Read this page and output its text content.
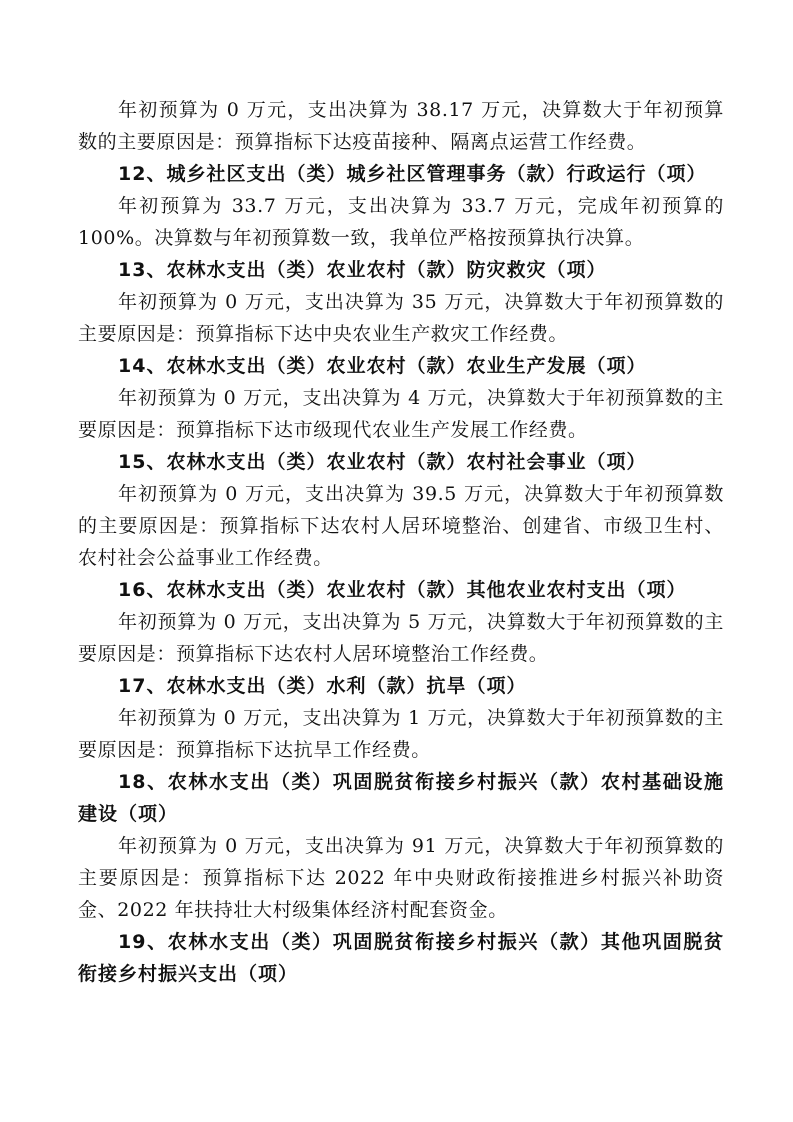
年初预算为 0 万元，支出决算为 38.17 万元，决算数大于年初预算数的主要原因是：预算指标下达疫苗接种、隔离点运营工作经费。

12、城乡社区支出（类）城乡社区管理事务（款）行政运行（项）

年初预算为 33.7 万元，支出决算为 33.7 万元，完成年初预算的 100%。决算数与年初预算数一致，我单位严格按预算执行决算。

13、农林水支出（类）农业农村（款）防灾救灾（项）

年初预算为 0 万元，支出决算为 35 万元，决算数大于年初预算数的主要原因是：预算指标下达中央农业生产救灾工作经费。

14、农林水支出（类）农业农村（款）农业生产发展（项）

年初预算为 0 万元，支出决算为 4 万元，决算数大于年初预算数的主要原因是：预算指标下达市级现代农业生产发展工作经费。

15、农林水支出（类）农业农村（款）农村社会事业（项）

年初预算为 0 万元，支出决算为 39.5 万元，决算数大于年初预算数的主要原因是：预算指标下达农村人居环境整治、创建省、市级卫生村、农村社会公益事业工作经费。

16、农林水支出（类）农业农村（款）其他农业农村支出（项）

年初预算为 0 万元，支出决算为 5 万元，决算数大于年初预算数的主要原因是：预算指标下达农村人居环境整治工作经费。

17、农林水支出（类）水利（款）抗旱（项）

年初预算为 0 万元，支出决算为 1 万元，决算数大于年初预算数的主要原因是：预算指标下达抗旱工作经费。

18、农林水支出（类）巩固脱贫衔接乡村振兴（款）农村基础设施建设（项）

年初预算为 0 万元，支出决算为 91 万元，决算数大于年初预算数的主要原因是：预算指标下达 2022 年中央财政衔接推进乡村振兴补助资金、2022 年扶持壮大村级集体经济村配套资金。

19、农林水支出（类）巩固脱贫衔接乡村振兴（款）其他巩固脱贫衔接乡村振兴支出（项）
